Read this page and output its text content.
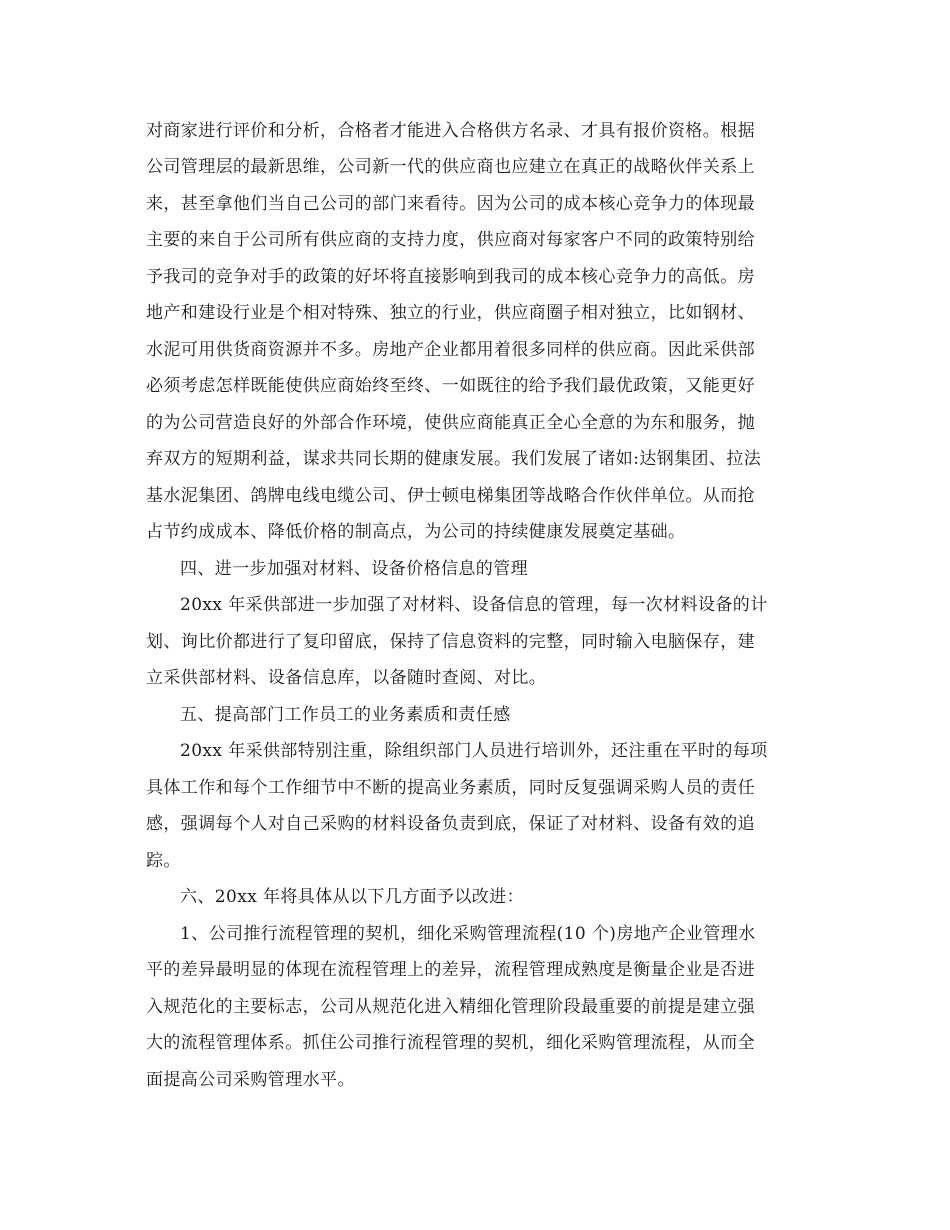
对商家进行评价和分析，合格者才能进入合格供方名录、才具有报价资格。根据
公司管理层的最新思维，公司新一代的供应商也应建立在真正的战略伙伴关系上
来，甚至拿他们当自己公司的部门来看待。因为公司的成本核心竞争力的体现最
主要的来自于公司所有供应商的支持力度，供应商对每家客户不同的政策特别给
予我司的竞争对手的政策的好坏将直接影响到我司的成本核心竞争力的高低。房
地产和建设行业是个相对特殊、独立的行业，供应商圈子相对独立，比如钢材、
水泥可用供货商资源并不多。房地产企业都用着很多同样的供应商。因此采供部
必须考虑怎样既能使供应商始终至终、一如既往的给予我们最优政策，又能更好
的为公司营造良好的外部合作环境，使供应商能真正全心全意的为东和服务，抛
弃双方的短期利益，谋求共同长期的健康发展。我们发展了诸如:达钢集团、拉法
基水泥集团、鸽牌电线电缆公司、伊士顿电梯集团等战略合作伙伴单位。从而抢
占节约成成本、降低价格的制高点，为公司的持续健康发展奠定基础。
四、进一步加强对材料、设备价格信息的管理
20xx 年采供部进一步加强了对材料、设备信息的管理，每一次材料设备的计
划、询比价都进行了复印留底，保持了信息资料的完整，同时输入电脑保存，建
立采供部材料、设备信息库，以备随时查阅、对比。
五、提高部门工作员工的业务素质和责任感
20xx 年采供部特别注重，除组织部门人员进行培训外，还注重在平时的每项
具体工作和每个工作细节中不断的提高业务素质，同时反复强调采购人员的责任
感，强调每个人对自己采购的材料设备负责到底，保证了对材料、设备有效的追
踪。
六、20xx 年将具体从以下几方面予以改进：
1、公司推行流程管理的契机，细化采购管理流程(10 个)房地产企业管理水
平的差异最明显的体现在流程管理上的差异，流程管理成熟度是衡量企业是否进
入规范化的主要标志，公司从规范化进入精细化管理阶段最重要的前提是建立强
大的流程管理体系。抓住公司推行流程管理的契机，细化采购管理流程，从而全
面提高公司采购管理水平。
